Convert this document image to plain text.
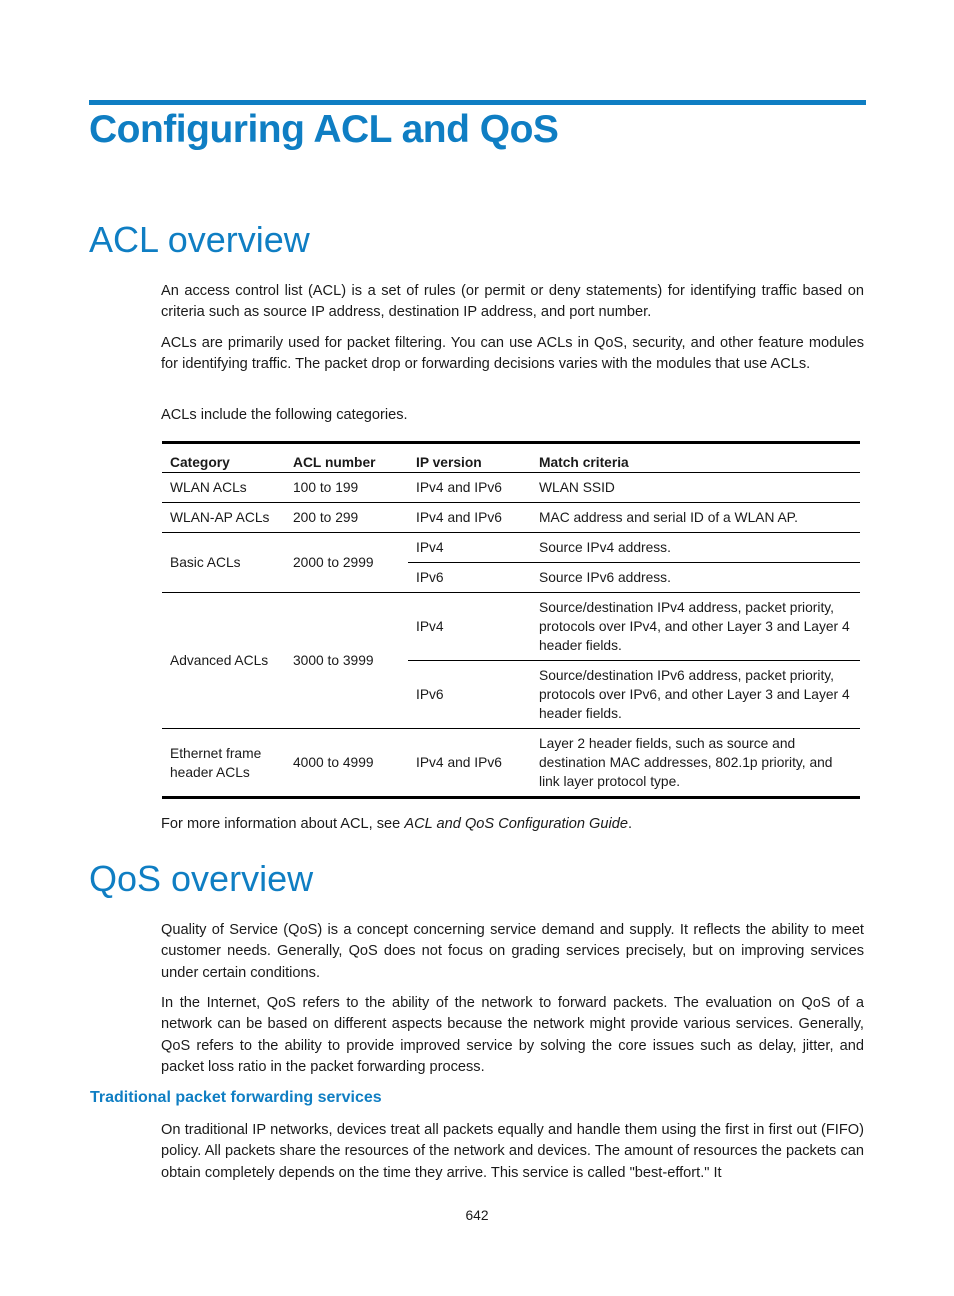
Configuring ACL and QoS
ACL overview

An access control list (ACL) is a set of rules (or permit or deny statements) for identifying traffic based on criteria such as source IP address, destination IP address, and port number.

ACLs are primarily used for packet filtering. You can use ACLs in QoS, security, and other feature modules for identifying traffic. The packet drop or forwarding decisions varies with the modules that use ACLs.

ACLs include the following categories.

Category	ACL number	IP version	Match criteria
WLAN ACLs	100 to 199	IPv4 and IPv6	WLAN SSID
WLAN-AP ACLs	200 to 299	IPv4 and IPv6	MAC address and serial ID of a WLAN AP.
Basic ACLs	2000 to 2999	IPv4	Source IPv4 address.
		IPv6	Source IPv6 address.
Advanced ACLs	3000 to 3999	IPv4	Source/destination IPv4 address, packet priority, protocols over IPv4, and other Layer 3 and Layer 4 header fields.
		IPv6	Source/destination IPv6 address, packet priority, protocols over IPv6, and other Layer 3 and Layer 4 header fields.
Ethernet frame header ACLs	4000 to 4999	IPv4 and IPv6	Layer 2 header fields, such as source and destination MAC addresses, 802.1p priority, and link layer protocol type.

For more information about ACL, see ACL and QoS Configuration Guide.

QoS overview

Quality of Service (QoS) is a concept concerning service demand and supply. It reflects the ability to meet customer needs. Generally, QoS does not focus on grading services precisely, but on improving services under certain conditions.

In the Internet, QoS refers to the ability of the network to forward packets. The evaluation on QoS of a network can be based on different aspects because the network might provide various services. Generally, QoS refers to the ability to provide improved service by solving the core issues such as delay, jitter, and packet loss ratio in the packet forwarding process.

Traditional packet forwarding services

On traditional IP networks, devices treat all packets equally and handle them using the first in first out (FIFO) policy. All packets share the resources of the network and devices. The amount of resources the packets can obtain completely depends on the time they arrive. This service is called "best-effort." It

642
